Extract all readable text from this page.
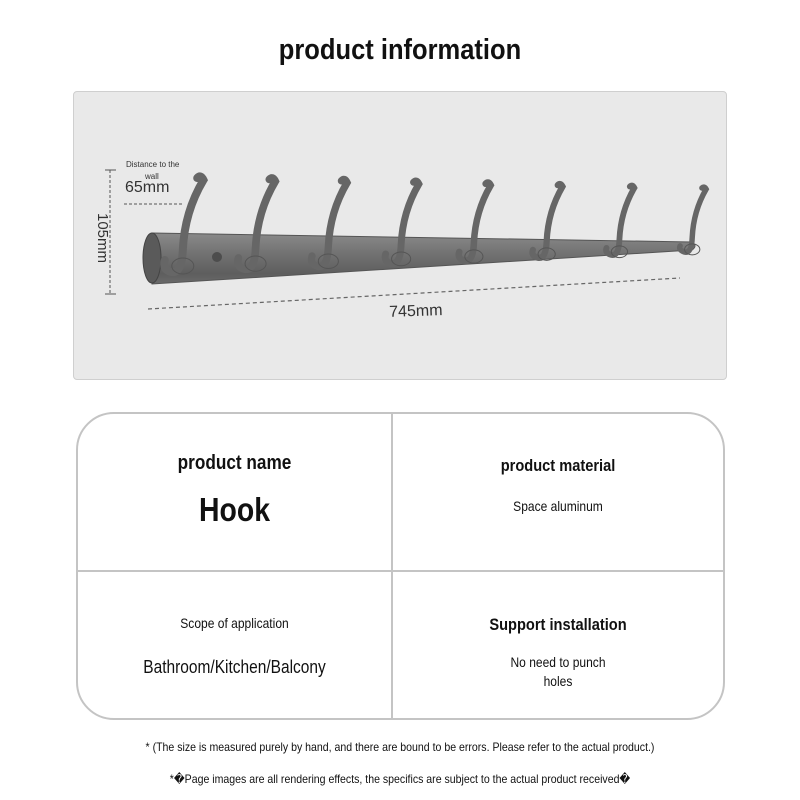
product information
105mm
Distance to the
wall
65mm
745mm
product name
Hook
product material
Space aluminum
Scope of application
Bathroom/Kitchen/Balcony
Support installation
No need to punch
holes
* (The size is measured purely by hand, and there are bound to be errors. Please refer to the actual product.)
*�Page images are all rendering effects, the specifics are subject to the actual product received�
